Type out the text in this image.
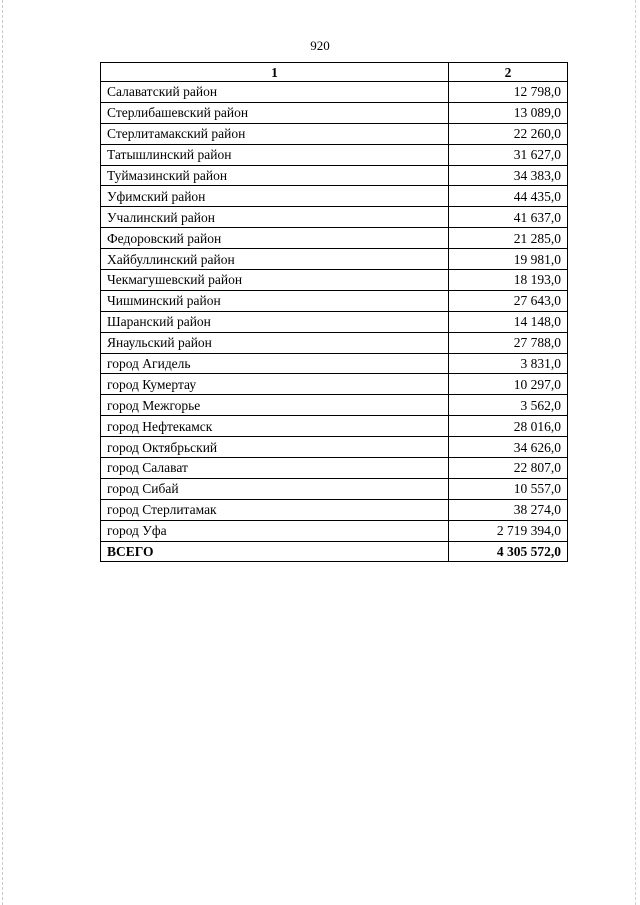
920
1	2
Салаватский район	12 798,0
Стерлибашевский район	13 089,0
Стерлитамакский район	22 260,0
Татышлинский район	31 627,0
Туймазинский район	34 383,0
Уфимский район	44 435,0
Учалинский район	41 637,0
Федоровский район	21 285,0
Хайбуллинский район	19 981,0
Чекмагушевский район	18 193,0
Чишминский район	27 643,0
Шаранский район	14 148,0
Янаульский район	27 788,0
город Агидель	3 831,0
город Кумертау	10 297,0
город Межгорье	3 562,0
город Нефтекамск	28 016,0
город Октябрьский	34 626,0
город Салават	22 807,0
город Сибай	10 557,0
город Стерлитамак	38 274,0
город Уфа	2 719 394,0
ВСЕГО	4 305 572,0
